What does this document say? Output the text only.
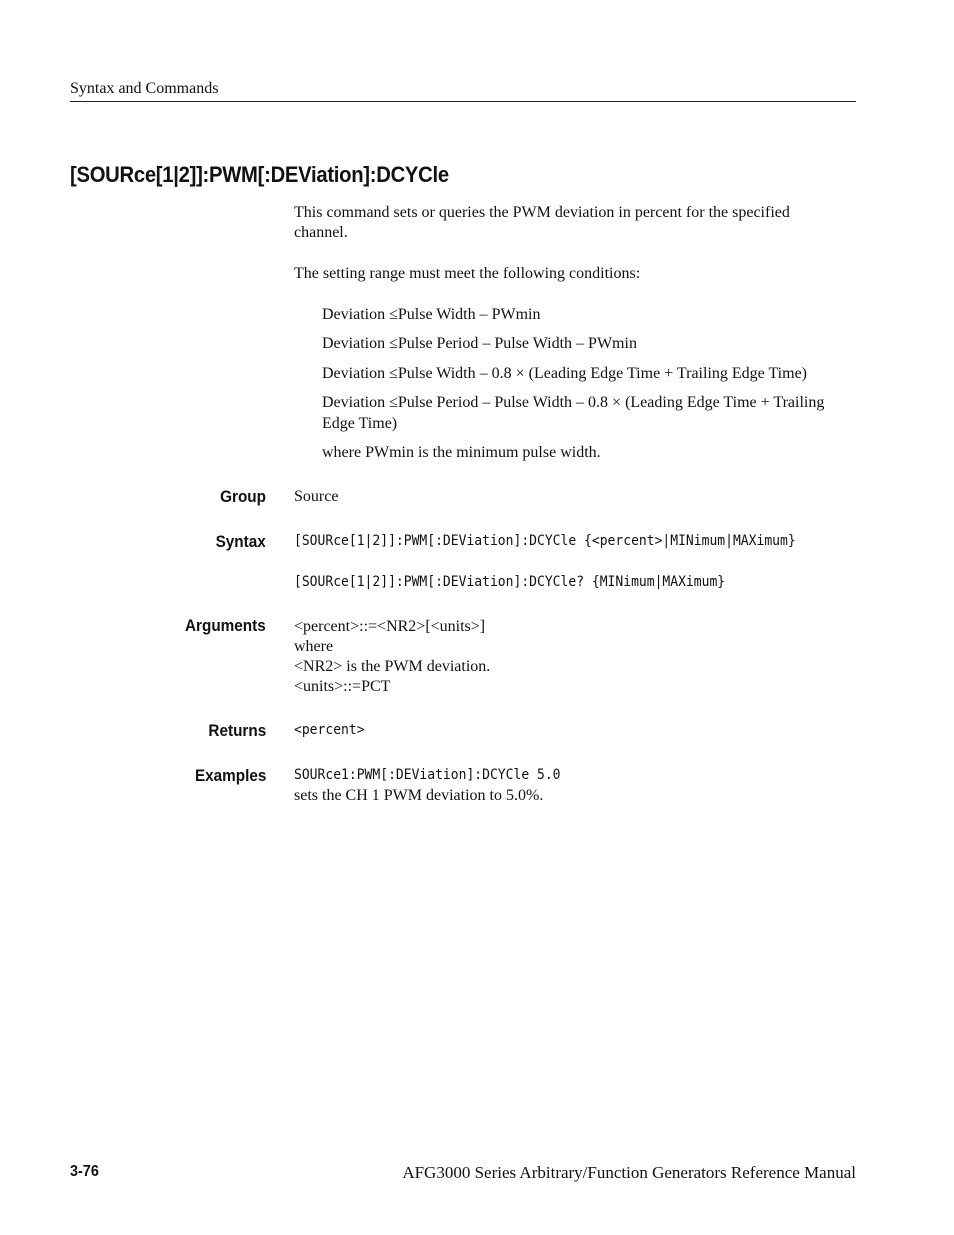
Syntax and Commands
[SOURce[1|2]]:PWM[:DEViation]:DCYCle
This command sets or queries the PWM deviation in percent for the specified
channel.
The setting range must meet the following conditions:
Deviation ≤Pulse Width – PWmin
Deviation ≤Pulse Period – Pulse Width – PWmin
Deviation ≤Pulse Width – 0.8 × (Leading Edge Time + Trailing Edge Time)
Deviation ≤Pulse Period – Pulse Width – 0.8 × (Leading Edge Time + Trailing
Edge Time)
where PWmin is the minimum pulse width.
Group Source
Syntax [SOURce[1|2]]:PWM[:DEViation]:DCYCle {<percent>|MINimum|MAXimum}
[SOURce[1|2]]:PWM[:DEViation]:DCYCle? {MINimum|MAXimum}
Arguments <percent>::=<NR2>[<units>]
where
<NR2> is the PWM deviation.
<units>::=PCT
Returns <percent>
Examples SOURce1:PWM[:DEViation]:DCYCle 5.0
sets the CH 1 PWM deviation to 5.0%.
3-76	AFG3000 Series Arbitrary/Function Generators Reference Manual
